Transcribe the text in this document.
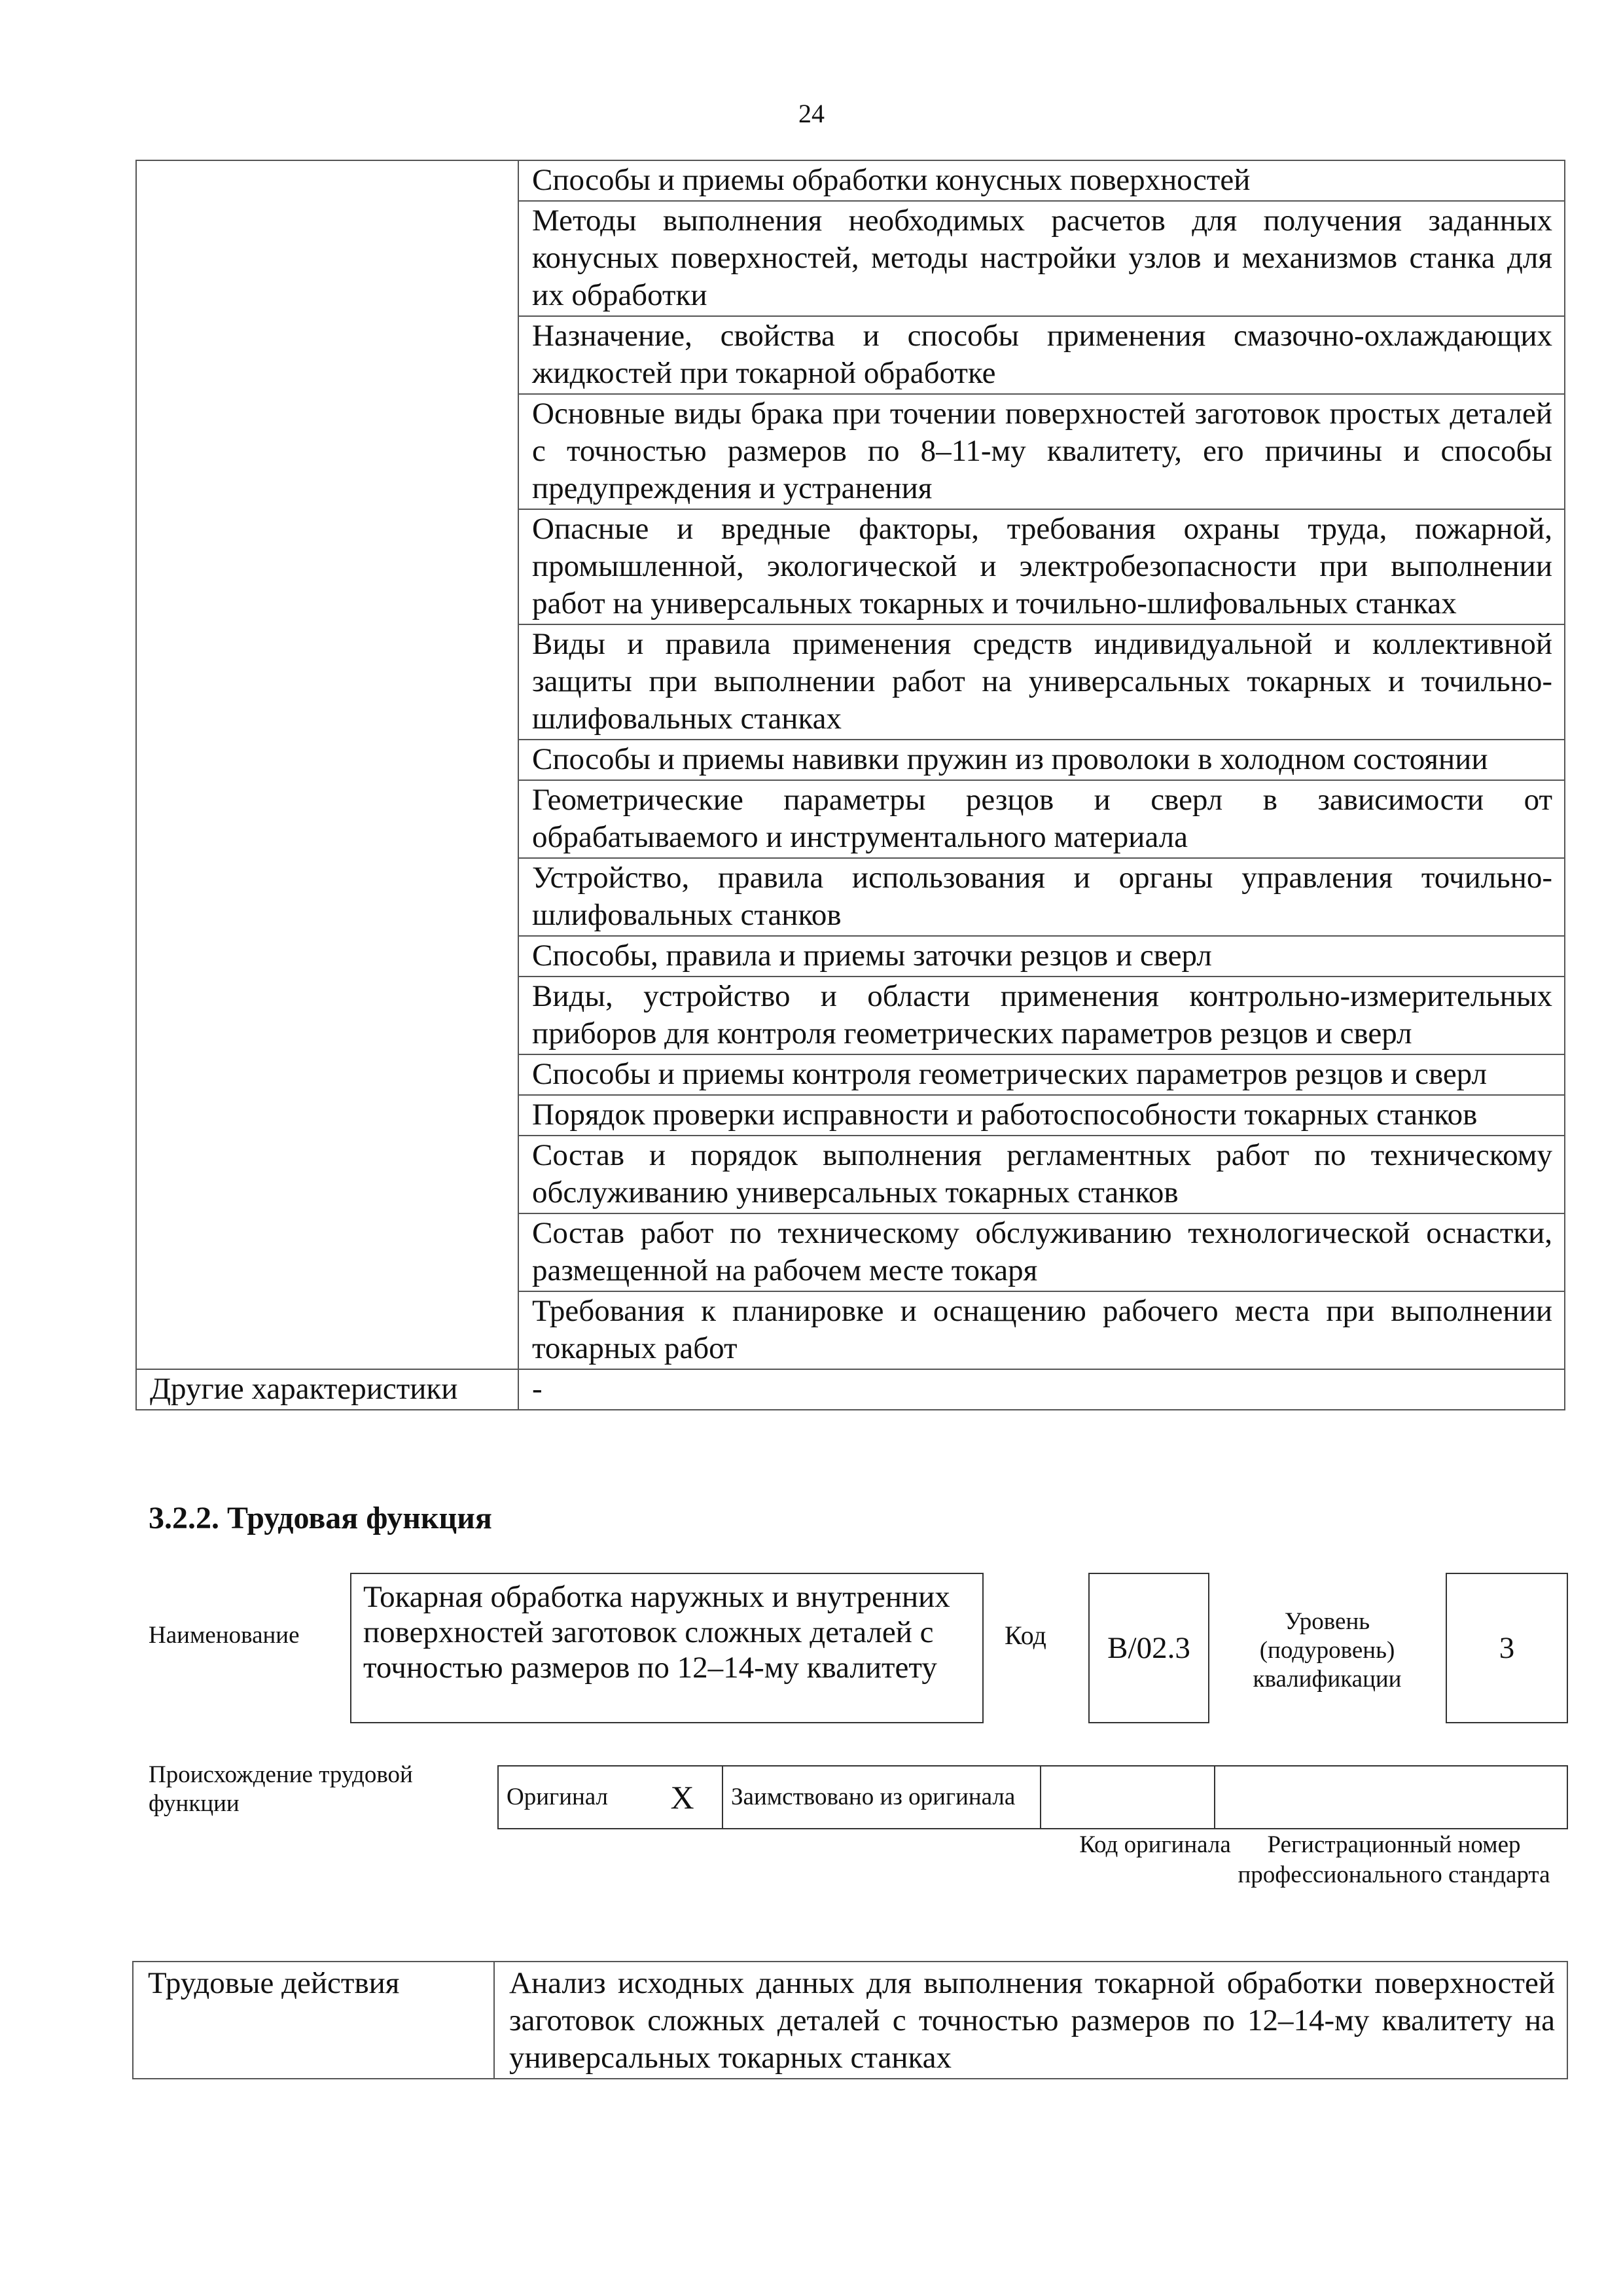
24
	Способы и приемы обработки конусных поверхностей
	Методы выполнения необходимых расчетов для получения заданных конусных поверхностей, методы настройки узлов и механизмов станка для их обработки
	Назначение, свойства и способы применения смазочно-охлаждающих жидкостей при токарной обработке
	Основные виды брака при точении поверхностей заготовок простых деталей с точностью размеров по 8–11-му квалитету, его причины и способы предупреждения и устранения
	Опасные и вредные факторы, требования охраны труда, пожарной, промышленной, экологической и электробезопасности при выполнении работ на универсальных токарных и точильно-шлифовальных станках
	Виды и правила применения средств индивидуальной и коллективной защиты при выполнении работ на универсальных токарных и точильно-шлифовальных станках
	Способы и приемы навивки пружин из проволоки в холодном состоянии
	Геометрические параметры резцов и сверл в зависимости от обрабатываемого и инструментального материала
	Устройство, правила использования и органы управления точильно-шлифовальных станков
	Способы, правила и приемы заточки резцов и сверл
	Виды, устройство и области применения контрольно-измерительных приборов для контроля геометрических параметров резцов и сверл
	Способы и приемы контроля геометрических параметров резцов и сверл
	Порядок проверки исправности и работоспособности токарных станков
	Состав и порядок выполнения регламентных работ по техническому обслуживанию универсальных токарных станков
	Состав работ по техническому обслуживанию технологической оснастки, размещенной на рабочем месте токаря
	Требования к планировке и оснащению рабочего места при выполнении токарных работ
Другие характеристики	-
3.2.2. Трудовая функция
Наименование
Токарная обработка наружных и внутренних поверхностей заготовок сложных деталей с точностью размеров по 12–14-му квалитету
Код	B/02.3
Уровень (подуровень) квалификации
3
Происхождение трудовой функции	Оригинал	X	Заимствовано из оригинала		
Код оригинала	Регистрационный номер профессионального стандарта
Трудовые действия	Анализ исходных данных для выполнения токарной обработки поверхностей заготовок сложных деталей с точностью размеров по 12–14-му квалитету на универсальных токарных станках
